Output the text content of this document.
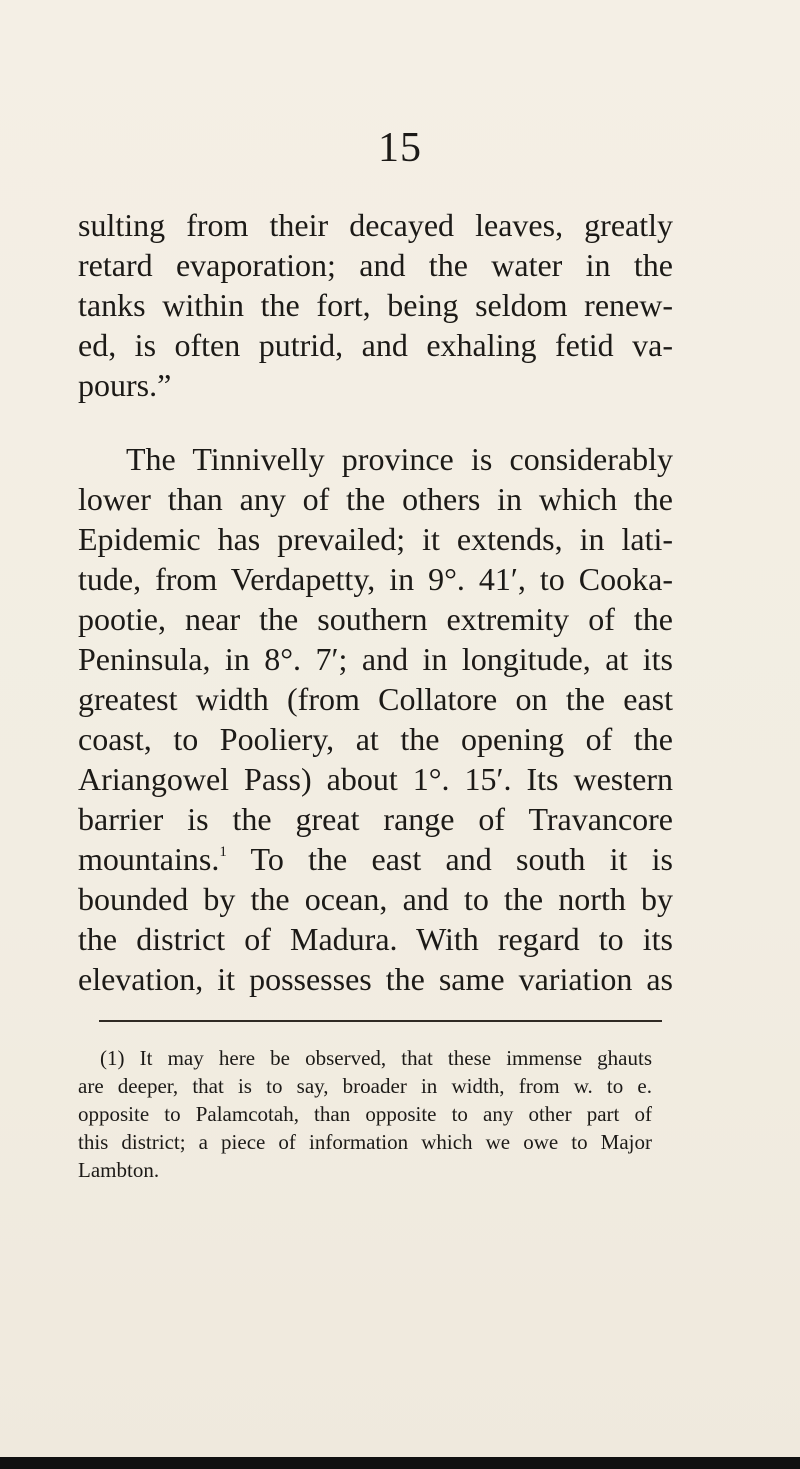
15
sulting from their decayed leaves, greatly
retard evaporation; and the water in the
tanks within the fort, being seldom renew-
ed, is often putrid, and exhaling fetid va-
pours.”
The Tinnivelly province is considerably
lower than any of the others in which the
Epidemic has prevailed; it extends, in lati-
tude, from Verdapetty, in 9°. 41′, to Cooka-
pootie, near the southern extremity of the
Peninsula, in 8°. 7′; and in longitude, at its
greatest width (from Collatore on the east
coast, to Pooliery, at the opening of the
Ariangowel Pass) about 1°. 15′. Its western
barrier is the great range of Travancore
mountains.$^1$ To the east and south it is
bounded by the ocean, and to the north by
the district of Madura. With regard to its
elevation, it possesses the same variation as
(1) It may here be observed, that these immense ghauts
are deeper, that is to say, broader in width, from w. to e.
opposite to Palamcotah, than opposite to any other part of
this district; a piece of information which we owe to Major
Lambton.
